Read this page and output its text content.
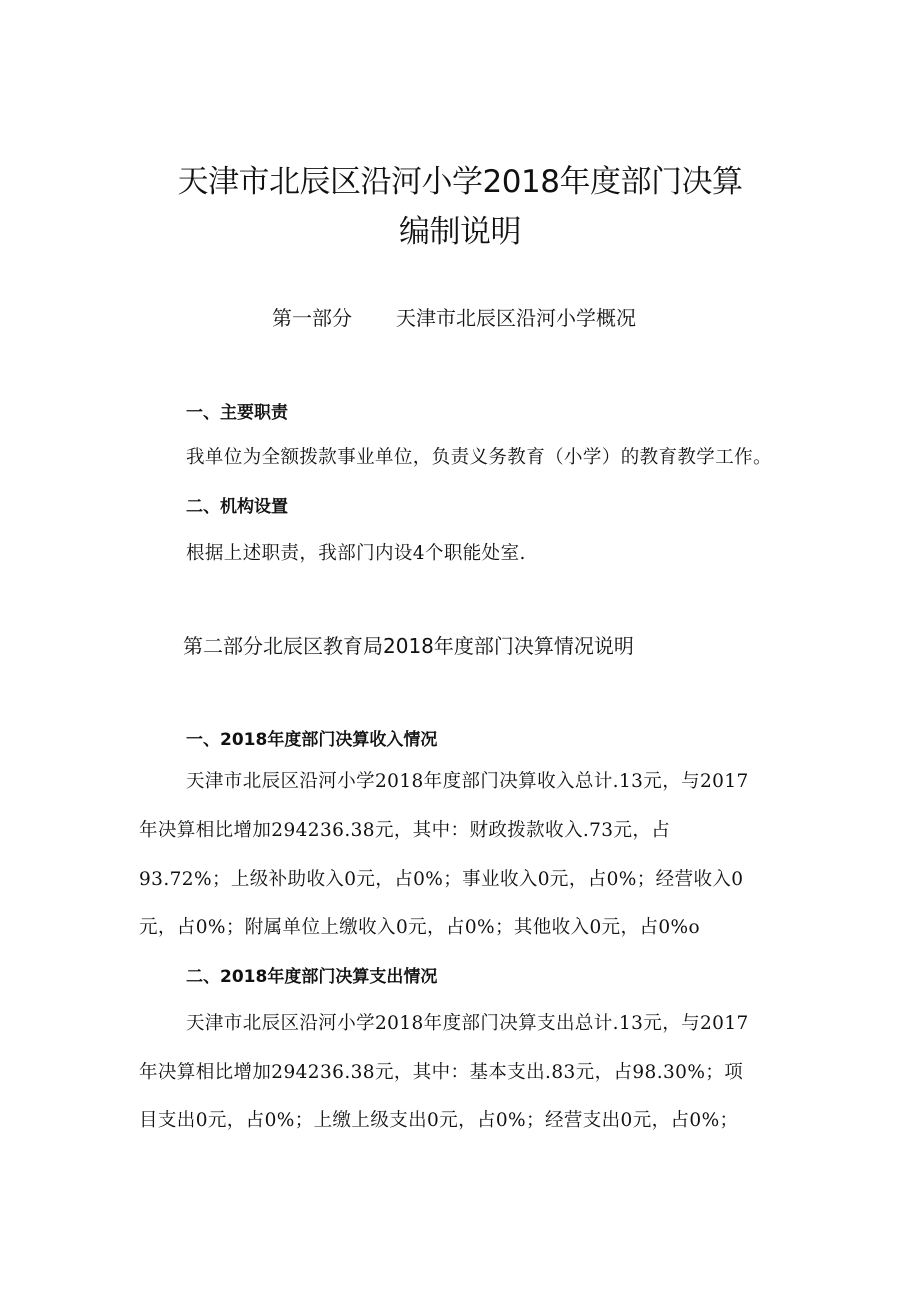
天津市北辰区沿河小学2018年度部门决算
编制说明
第一部分 天津市北辰区沿河小学概况
一、主要职责
我单位为全额拨款事业单位，负责义务教育（小学）的教育教学工作。
二、机构设置
根据上述职责，我部门内设4个职能处室.
第二部分北辰区教育局2018年度部门决算情况说明
一、2018年度部门决算收入情况
天津市北辰区沿河小学2018年度部门决算收入总计.13元，与2017
年决算相比增加294236.38元，其中：财政拨款收入.73元，占
93.72%；上级补助收入0元，占0%；事业收入0元，占0%；经营收入0
元，占0%；附属单位上缴收入0元，占0%；其他收入0元，占0%o
二、2018年度部门决算支出情况
天津市北辰区沿河小学2018年度部门决算支出总计.13元，与2017
年决算相比增加294236.38元，其中：基本支出.83元，占98.30%；项
目支出0元，占0%；上缴上级支出0元，占0%；经营支出0元，占0%；
